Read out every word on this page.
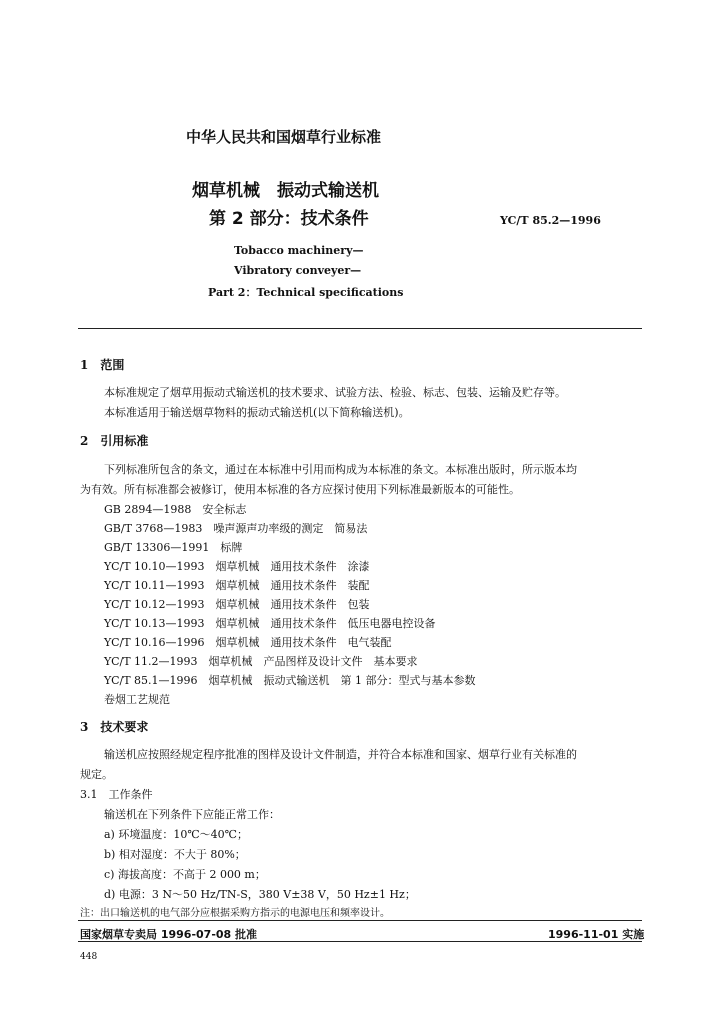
中华人民共和国烟草行业标准
烟草机械　振动式输送机
第 2 部分：技术条件	YC/T 85.2—1996
Tobacco machinery—
Vibratory conveyer—
Part 2：Technical specifications
1　范围
本标准规定了烟草用振动式输送机的技术要求、试验方法、检验、标志、包装、运输及贮存等。
本标准适用于输送烟草物料的振动式输送机(以下简称输送机)。
2　引用标准
下列标准所包含的条文，通过在本标准中引用而构成为本标准的条文。本标准出版时，所示版本均
为有效。所有标准都会被修订，使用本标准的各方应探讨使用下列标准最新版本的可能性。
GB 2894—1988　安全标志
GB/T 3768—1983　噪声源声功率级的测定　简易法
GB/T 13306—1991　标牌
YC/T 10.10—1993　烟草机械　通用技术条件　涂漆
YC/T 10.11—1993　烟草机械　通用技术条件　装配
YC/T 10.12—1993　烟草机械　通用技术条件　包装
YC/T 10.13—1993　烟草机械　通用技术条件　低压电器电控设备
YC/T 10.16—1996　烟草机械　通用技术条件　电气装配
YC/T 11.2—1993　烟草机械　产品图样及设计文件　基本要求
YC/T 85.1—1996　烟草机械　振动式输送机　第 1 部分：型式与基本参数
卷烟工艺规范
3　技术要求
输送机应按照经规定程序批准的图样及设计文件制造，并符合本标准和国家、烟草行业有关标准的
规定。
3.1　工作条件
输送机在下列条件下应能正常工作：
a) 环境温度：10℃～40℃；
b) 相对湿度：不大于 80%；
c) 海拔高度：不高于 2 000 m；
d) 电源：3 N～50 Hz/TN-S，380 V±38 V，50 Hz±1 Hz；
注：出口输送机的电气部分应根据采购方指示的电源电压和频率设计。
国家烟草专卖局 1996-07-08 批准	1996-11-01 实施
448
